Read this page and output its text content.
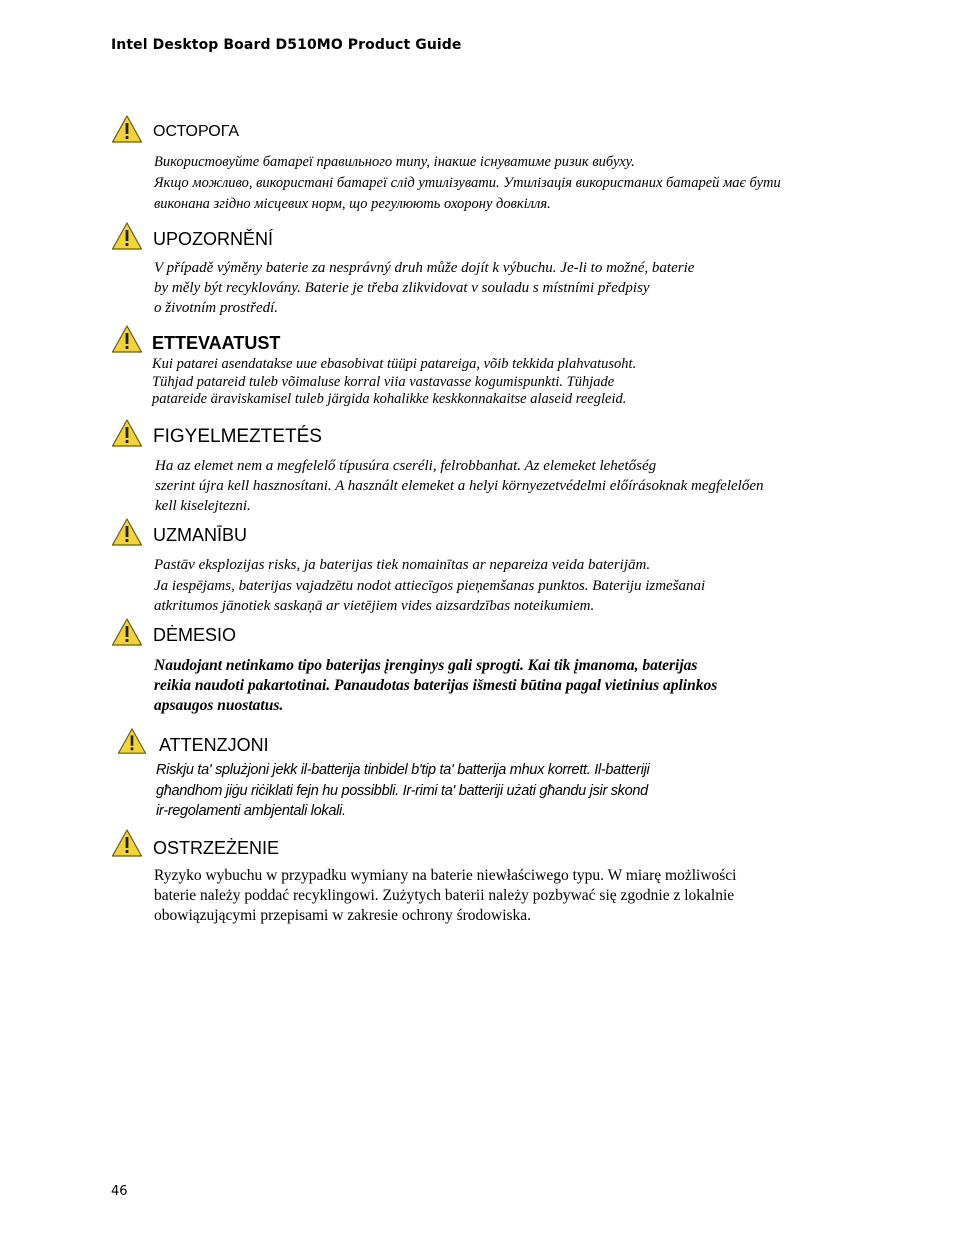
Intel Desktop Board D510MO Product Guide
ОСТОРОГА
Використовуйте батареї правильного типу, інакше існуватиме ризик вибуху.
Якщо можливо, використані батареї слід утилізувати. Утилізація використаних батарей має бути
виконана згідно місцевих норм, що регулюють охорону довкілля.
UPOZORNĚNÍ
V případě výměny baterie za nesprávný druh může dojít k výbuchu. Je-li to možné, baterie
by měly být recyklovány. Baterie je třeba zlikvidovat v souladu s místními předpisy
o životním prostředí.
ETTEVAATUST
Kui patarei asendatakse uue ebasobivat tüüpi patareiga, võib tekkida plahvatusoht.
Tühjad patareid tuleb võimaluse korral viia vastavasse kogumispunkti. Tühjade
patareide äraviskamisel tuleb järgida kohalikke keskkonnakaitse alaseid reegleid.
FIGYELMEZTETÉS
Ha az elemet nem a megfelelő típusúra cseréli, felrobbanhat. Az elemeket lehetőség
szerint újra kell hasznosítani. A használt elemeket a helyi környezetvédelmi előírásoknak megfelelően
kell kiselejtezni.
UZMANĪBU
Pastāv eksplozijas risks, ja baterijas tiek nomainītas ar nepareiza veida baterijām.
Ja iespējams, baterijas vajadzētu nodot attiecīgos pieņemšanas punktos. Bateriju izmešanai
atkritumos jānotiek saskaņā ar vietējiem vides aizsardzības noteikumiem.
DĖMESIO
Naudojant netinkamo tipo baterijas įrenginys gali sprogti. Kai tik įmanoma, baterijas
reikia naudoti pakartotinai. Panaudotas baterijas išmesti būtina pagal vietinius aplinkos
apsaugos nuostatus.
ATTENZJONI
Riskju ta' splużjoni jekk il-batterija tinbidel b'tip ta' batterija mhux korrett. Il-batteriji
għandhom jiġu riċiklati fejn hu possibbli. Ir-rimi ta' batteriji użati għandu jsir skond
ir-regolamenti ambjentali lokali.
OSTRZEŻENIE
Ryzyko wybuchu w przypadku wymiany na baterie niewłaściwego typu. W miarę możliwości
baterie należy poddać recyklingowi. Zużytych baterii należy pozbywać się zgodnie z lokalnie
obowiązującymi przepisami w zakresie ochrony środowiska.
46
